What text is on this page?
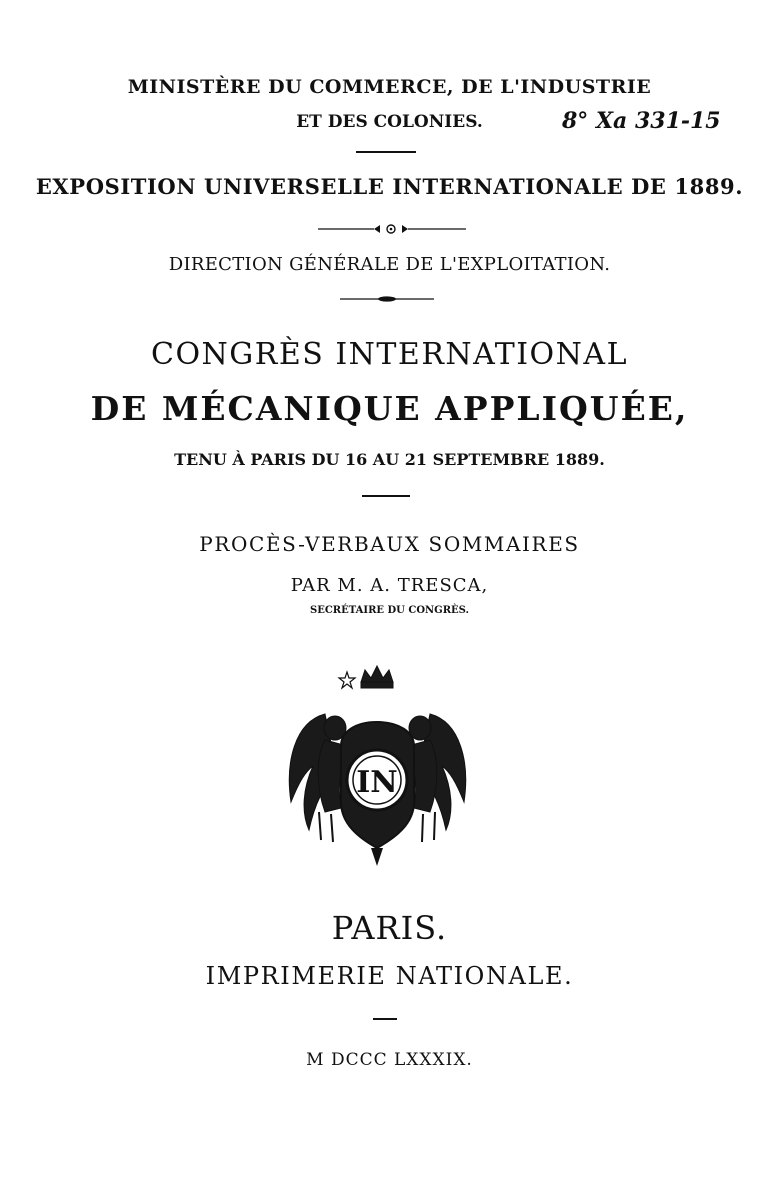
MINISTÈRE DU COMMERCE, DE L'INDUSTRIE
ET DES COLONIES.	8° Xa 331-15
EXPOSITION UNIVERSELLE INTERNATIONALE DE 1889.
DIRECTION GÉNÉRALE DE L'EXPLOITATION.
CONGRÈS INTERNATIONAL
DE MÉCANIQUE APPLIQUÉE,
TENU À PARIS DU 16 AU 21 SEPTEMBRE 1889.
PROCÈS-VERBAUX SOMMAIRES
PAR M. A. TRESCA,
SECRÉTAIRE DU CONGRÈS.
IN
PARIS.
IMPRIMERIE NATIONALE.
M DCCC LXXXIX.
